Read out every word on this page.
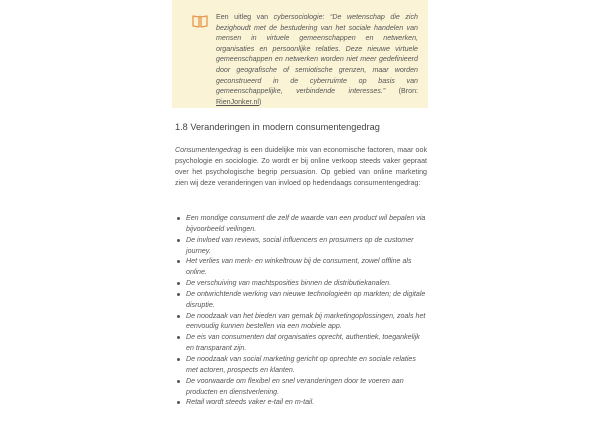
Een uitleg van cybersociologie: “De wetenschap die zich bezighoudt met de bestudering van het sociale handelen van mensen in virtuele gemeenschappen en netwerken, organisaties en persoonlijke relaties. Deze nieuwe virtuele gemeenschappen en netwerken worden niet meer gedefinieerd door geografische of semiotische grenzen, maar worden geconstrueerd in de cyberruimte op basis van gemeenschappelijke, verbindende interesses.” (Bron: RienJonker.nl)
1.8 Veranderingen in modern consumentengedrag
Consumentengedrag is een duidelijke mix van economische factoren, maar ook psychologie en sociologie. Zo wordt er bij online verkoop steeds vaker gepraat over het psychologische begrip persuasion. Op gebied van online marketing zien wij deze veranderingen van invloed op hedendaags consumentengedrag:
Een mondige consument die zelf de waarde van een product wil bepalen via bijvoorbeeld veilingen.
De invloed van reviews, social influencers en prosumers op de customer journey.
Het verlies van merk- en winkeltrouw bij de consument, zowel offline als online.
De verschuiving van machtsposities binnen de distributiekanalen.
De ontwrichtende werking van nieuwe technologieën op markten; de digitale disruptie.
De noodzaak van het bieden van gemak bij marketingoplossingen, zoals het eenvoudig kunnen bestellen via een mobiele app.
De eis van consumenten dat organisaties oprecht, authentiek, toegankelijk en transparant zijn.
De noodzaak van social marketing gericht op oprechte en sociale relaties met actoren, prospects en klanten.
De voorwaarde om flexibel en snel veranderingen door te voeren aan producten en dienstverlening.
Retail wordt steeds vaker e-tail en m-tail.
